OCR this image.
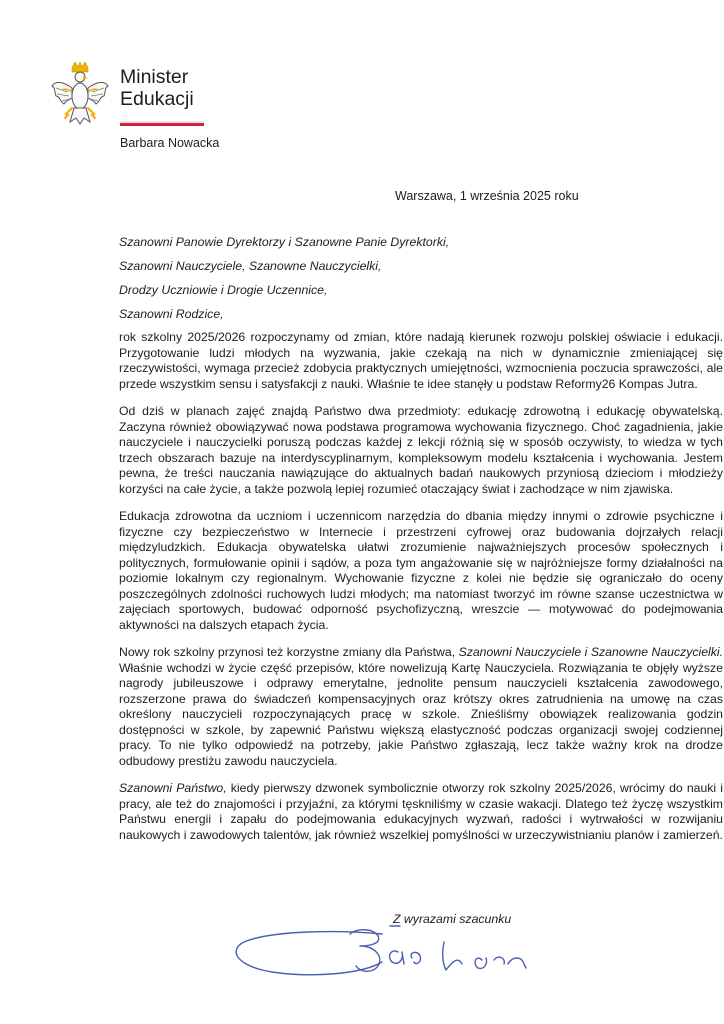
Minister
Edukacji
Barbara Nowacka
Warszawa, 1 września 2025 roku
Szanowni Panowie Dyrektorzy i Szanowne Panie Dyrektorki,
Szanowni Nauczyciele, Szanowne Nauczycielki,
Drodzy Uczniowie i Drogie Uczennice,
Szanowni Rodzice,

rok szkolny 2025/2026 rozpoczynamy od zmian, które nadają kierunek rozwoju polskiej oświacie i edukacji. Przygotowanie ludzi młodych na wyzwania, jakie czekają na nich w dynamicznie zmieniającej się rzeczywistości, wymaga przecież zdobycia praktycznych umiejętności, wzmocnienia poczucia sprawczości, ale przede wszystkim sensu i satysfakcji z nauki. Właśnie te idee stanęły u podstaw Reformy26 Kompas Jutra.

Od dziś w planach zajęć znajdą Państwo dwa przedmioty: edukację zdrowotną i edukację obywatelską. Zaczyna również obowiązywać nowa podstawa programowa wychowania fizycznego. Choć zagadnienia, jakie nauczyciele i nauczycielki poruszą podczas każdej z lekcji różnią się w sposób oczywisty, to wiedza w tych trzech obszarach bazuje na interdyscyplinarnym, kompleksowym modelu kształcenia i wychowania. Jestem pewna, że treści nauczania nawiązujące do aktualnych badań naukowych przyniosą dzieciom i młodzieży korzyści na całe życie, a także pozwolą lepiej rozumieć otaczający świat i zachodzące w nim zjawiska.

Edukacja zdrowotna da uczniom i uczennicom narzędzia do dbania między innymi o zdrowie psychiczne i fizyczne czy bezpieczeństwo w Internecie i przestrzeni cyfrowej oraz budowania dojrzałych relacji międzyludzkich. Edukacja obywatelska ułatwi zrozumienie najważniejszych procesów społecznych i politycznych, formułowanie opinii i sądów, a poza tym angażowanie się w najróżniejsze formy działalności na poziomie lokalnym czy regionalnym. Wychowanie fizyczne z kolei nie będzie się ograniczało do oceny poszczególnych zdolności ruchowych ludzi młodych; ma natomiast tworzyć im równe szanse uczestnictwa w zajęciach sportowych, budować odporność psychofizyczną, wreszcie — motywować do podejmowania aktywności na dalszych etapach życia.

Nowy rok szkolny przynosi też korzystne zmiany dla Państwa, Szanowni Nauczyciele i Szanowne Nauczycielki. Właśnie wchodzi w życie część przepisów, które nowelizują Kartę Nauczyciela. Rozwiązania te objęły wyższe nagrody jubileuszowe i odprawy emerytalne, jednolite pensum nauczycieli kształcenia zawodowego, rozszerzone prawa do świadczeń kompensacyjnych oraz krótszy okres zatrudnienia na umowę na czas określony nauczycieli rozpoczynających pracę w szkole. Znieśliśmy obowiązek realizowania godzin dostępności w szkole, by zapewnić Państwu większą elastyczność podczas organizacji swojej codziennej pracy. To nie tylko odpowiedź na potrzeby, jakie Państwo zgłaszają, lecz także ważny krok na drodze odbudowy prestiżu zawodu nauczyciela.

Szanowni Państwo, kiedy pierwszy dzwonek symbolicznie otworzy rok szkolny 2025/2026, wrócimy do nauki i pracy, ale też do znajomości i przyjaźni, za którymi tęskniliśmy w czasie wakacji. Dlatego też życzę wszystkim Państwu energii i zapału do podejmowania edukacyjnych wyzwań, radości i wytrwałości w rozwijaniu naukowych i zawodowych talentów, jak również wszelkiej pomyślności w urzeczywistnianiu planów i zamierzeń.

Z wyrazami szacunku
